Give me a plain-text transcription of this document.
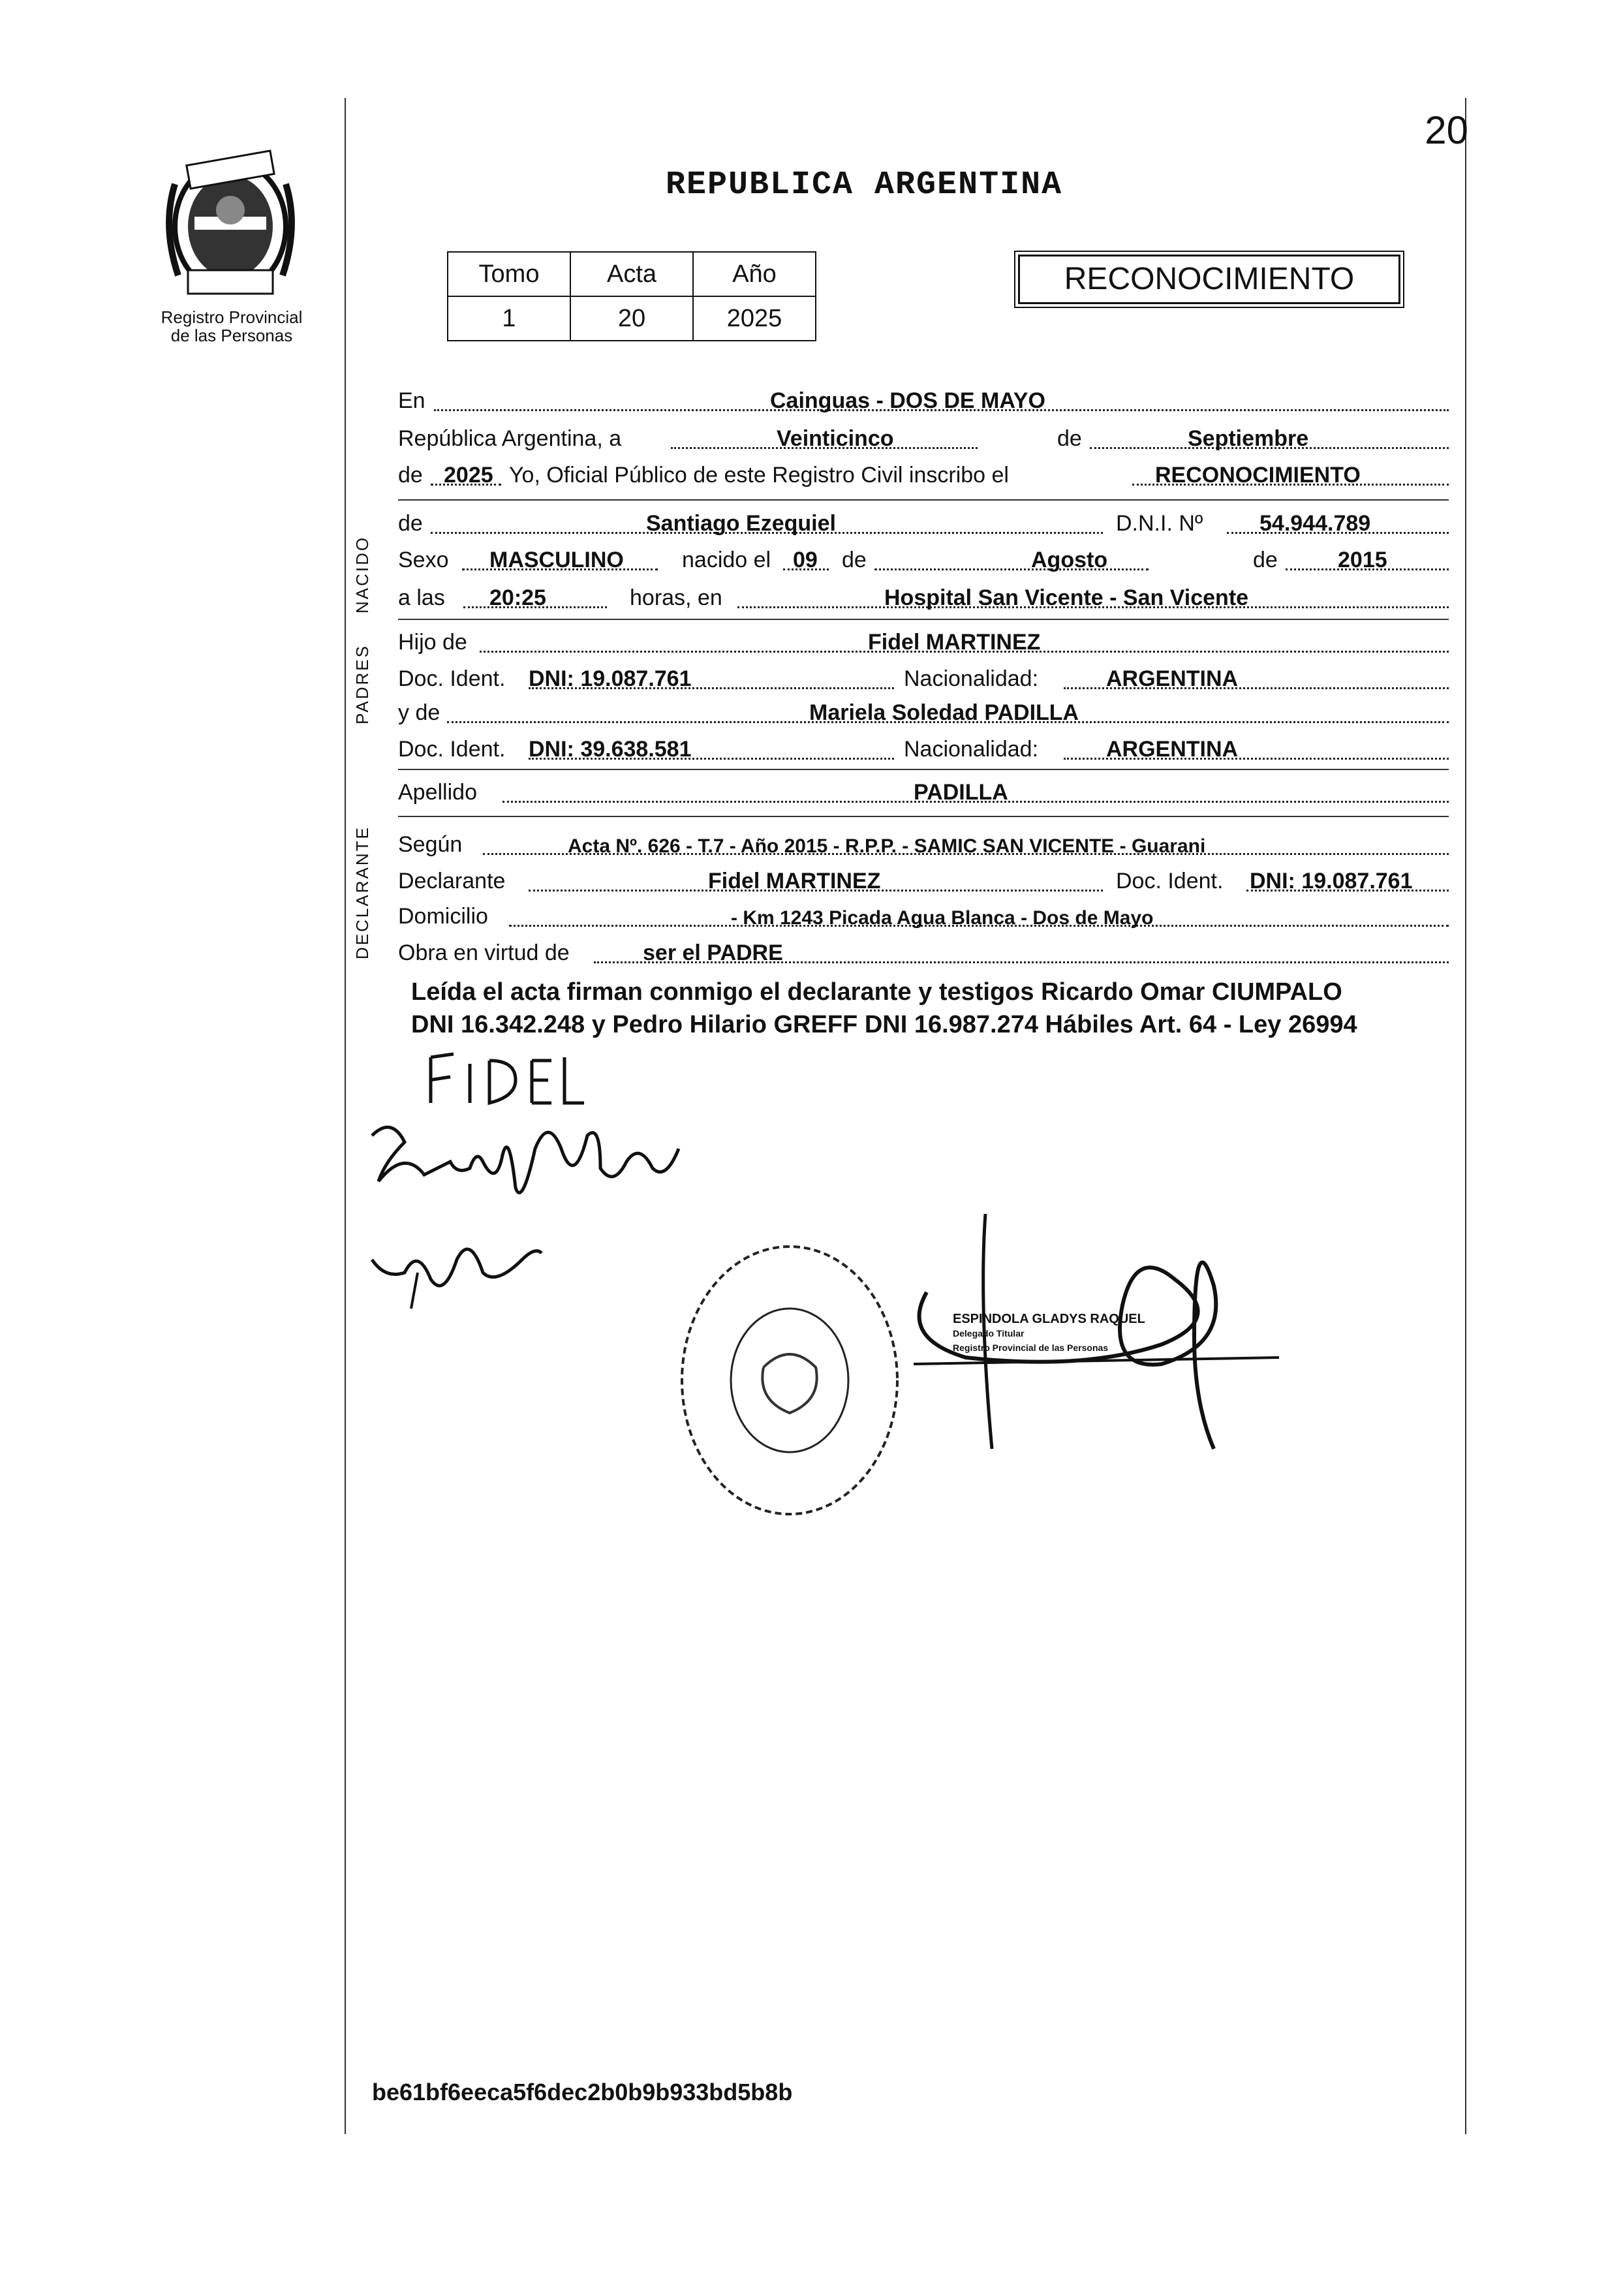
Registro Provincial
de las Personas
20
REPUBLICA ARGENTINA
Tomo	Acta	Año
1	20	2025
RECONOCIMIENTO
En	Cainguas - DOS DE MAYO
República Argentina, a	Veinticinco	de	Septiembre
de 2025 Yo, Oficial Público de este Registro Civil inscribo el	RECONOCIMIENTO
NACIDO
de	Santiago Ezequiel	D.N.I. Nº	54.944.789
Sexo MASCULINO	nacido el 09 de	Agosto	de	2015
a las 20:25	horas, en	Hospital San Vicente - San Vicente
PADRES
Hijo de	Fidel MARTINEZ
Doc. Ident. DNI: 19.087.761	Nacionalidad:	ARGENTINA
y de	Mariela Soledad PADILLA
Doc. Ident. DNI: 39.638.581	Nacionalidad:	ARGENTINA
Apellido	PADILLA
DECLARANTE Según	Acta Nº. 626 - T.7 - Año 2015 - R.P.P. - SAMIC SAN VICENTE - Guarani
Declarante	Fidel MARTINEZ	Doc. Ident. DNI: 19.087.761
Domicilio	- Km 1243 Picada Agua Blanca - Dos de Mayo
Obra en virtud de	ser el PADRE
Leída el acta firman conmigo el declarante y testigos Ricardo Omar CIUMPALO
DNI 16.342.248 y Pedro Hilario GREFF DNI 16.987.274 Hábiles Art. 64 - Ley 26994
ESPINDOLA GLADYS RAQUEL
Delegado Titular
Registro Provincial de las Personas
be61bf6eeca5f6dec2b0b9b933bd5b8b
